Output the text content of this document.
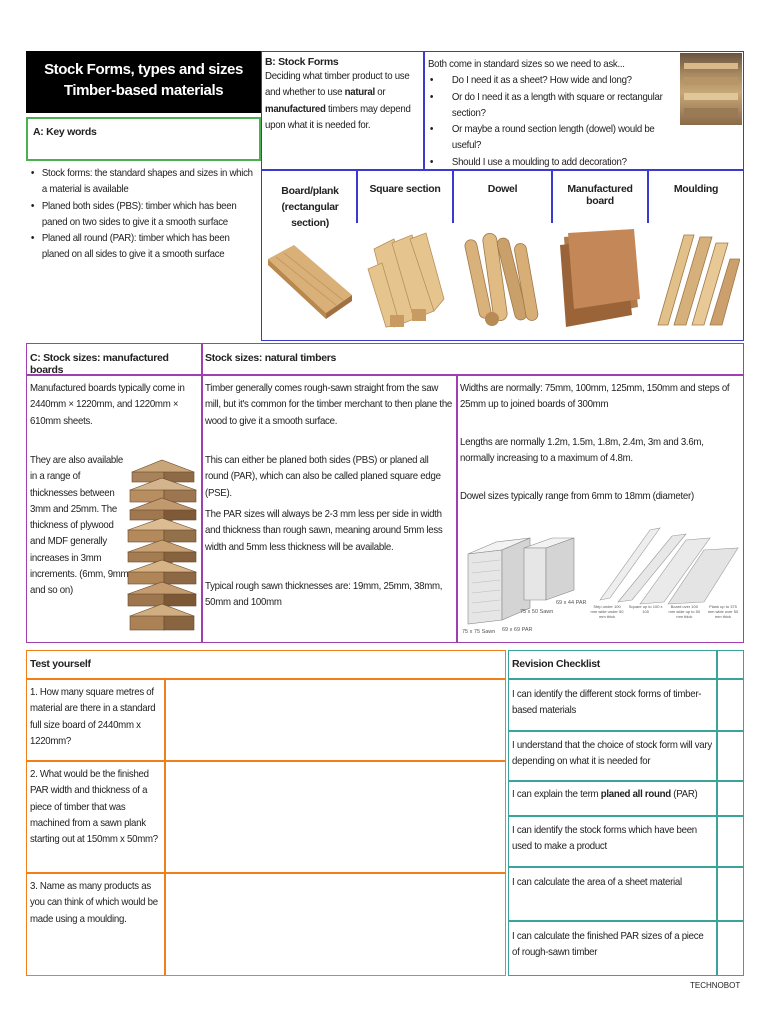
Stock Forms, types and sizes
Timber-based materials
A: Key words
• Stock forms: the standard shapes and sizes in which a material is available
• Planed both sides (PBS): timber which has been paned on two sides to give it a smooth surface
• Planed all round (PAR): timber which has been planed on all sides to give it a smooth surface
B: Stock Forms
Deciding what timber product to use and whether to use natural or manufactured timbers may depend upon what it is needed for.
Both come in standard sizes so we need to ask...
• Do I need it as a sheet? How wide and long?
• Or do I need it as a length with square or rectangular section?
• Or maybe a round section length (dowel) would be useful?
• Should I use a moulding to add decoration?
Board/plank (rectangular section)
Square section	Dowel	Manufactured board
Moulding
C: Stock sizes: manufactured boards
Stock sizes: natural timbers
Manufactured boards typically come in 2440mm × 1220mm, and 1220mm × 610mm sheets.
They are also available in a range of thicknesses between 3mm and 25mm. The thickness of plywood and MDF generally increases in 3mm increments. (6mm, 9mm and so on)
Timber generally comes rough-sawn straight from the saw mill, but it's common for the timber merchant to then plane the wood to give it a smooth surface.
This can either be planed both sides (PBS) or planed all round (PAR), which can also be called planed square edge (PSE).
The PAR sizes will always be 2-3 mm less per side in width and thickness than rough sawn, meaning around 5mm less width and 5mm less thickness will be available.
Typical rough sawn thicknesses are: 19mm, 25mm, 38mm, 50mm and 100mm
Widths are normally: 75mm, 100mm, 125mm, 150mm and steps of 25mm up to joined boards of 300mm
Lengths are normally 1.2m, 1.5m, 1.8m, 2.4m, 3m and 3.6m, normally increasing to a maximum of 4.8m.
Dowel sizes typically range from 6mm to 18mm (diameter)
69 x 44 PAR
75 x 50 Sawn
75 x 75 Sawn 69 x 69 PAR
Strip under 100 mm wide under 50 mm thick
Square up to 100 x 100
Board over 100 mm wide up to 50 mm thick
Plank up to 375 mm wide over 50 mm thick
Test yourself
1. How many square metres of material are there in a standard full size board of 2440mm x 1220mm?
2. What would be the finished PAR width and thickness of a piece of timber that was machined from a sawn plank starting out at 150mm x 50mm?
3. Name as many products as you can think of which would be made using a moulding.
Revision Checklist
I can identify the different stock forms of timber-based materials
I understand that the choice of stock form will vary depending on what it is needed for
I can explain the term planed all round (PAR)
I can identify the stock forms which have been used to make a product
I can calculate the area of a sheet material
I can calculate the finished PAR sizes of a piece of rough-sawn timber
TECHNOBOT
